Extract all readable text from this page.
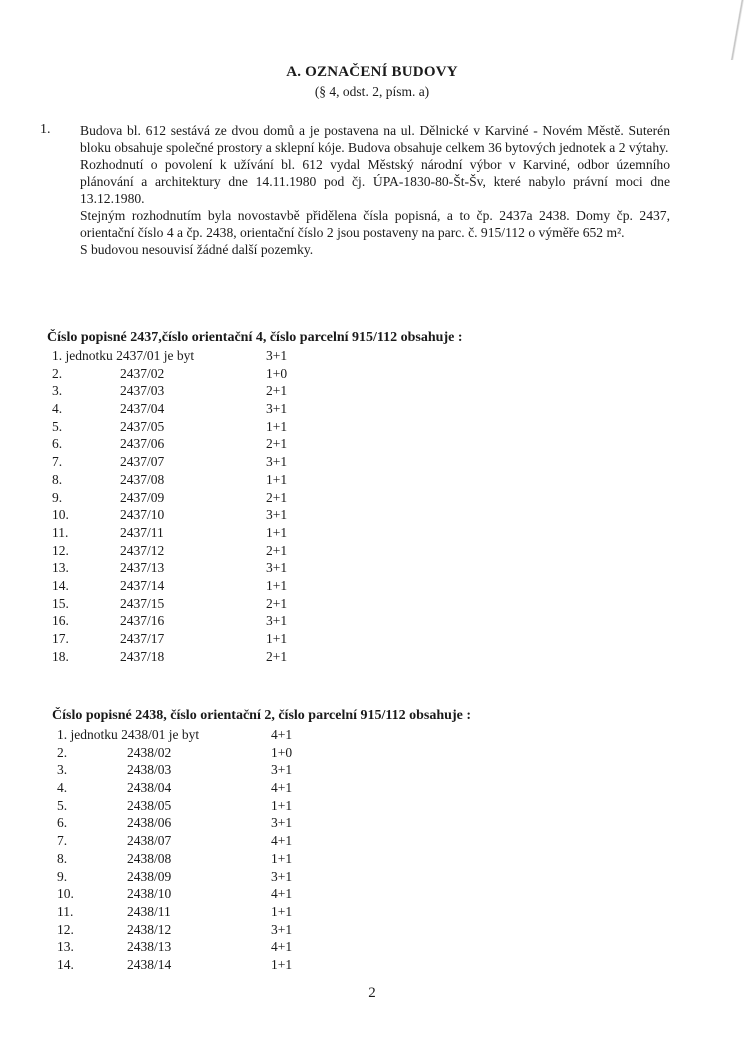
A. OZNAČENÍ BUDOVY
(§ 4, odst. 2, písm. a)
1. Budova bl. 612 sestává ze dvou domů a je postavena na ul. Dělnické v Karviné - Novém Městě. Suterén bloku obsahuje společné prostory a sklepní kóje. Budova obsahuje celkem 36 bytových jednotek a 2 výtahy.

Rozhodnutí o povolení k užívání bl. 612 vydal Městský národní výbor v Karviné, odbor územního plánování a architektury dne 14.11.1980 pod čj. ÚPA-1830-80-Št-Šv, které nabylo právní moci dne 13.12.1980.

Stejným rozhodnutím byla novostavbě přidělena čísla popisná, a to čp. 2437a 2438. Domy čp. 2437, orientační číslo 4 a čp. 2438, orientační číslo 2 jsou postaveny na parc. č. 915/112 o výměře 652 m².

S budovou nesouvisí žádné další pozemky.

Číslo popisné 2437,číslo orientační 4, číslo parcelní 915/112 obsahuje :
1. jednotku 2437/01 je byt	3+1
2.	2437/02	1+0
3.	2437/03	2+1
4.	2437/04	3+1
5.	2437/05	1+1
6.	2437/06	2+1
7.	2437/07	3+1
8.	2437/08	1+1
9.	2437/09	2+1
10.	2437/10	3+1
11.	2437/11	1+1
12.	2437/12	2+1
13.	2437/13	3+1
14.	2437/14	1+1
15.	2437/15	2+1
16.	2437/16	3+1
17.	2437/17	1+1
18.	2437/18	2+1
Číslo popisné 2438, číslo orientační 2, číslo parcelní 915/112 obsahuje :
1. jednotku 2438/01 je byt	4+1
2.	2438/02	1+0
3.	2438/03	3+1
4.	2438/04	4+1
5.	2438/05	1+1
6.	2438/06	3+1
7.	2438/07	4+1
8.	2438/08	1+1
9.	2438/09	3+1
10.	2438/10	4+1
11.	2438/11	1+1
12.	2438/12	3+1
13.	2438/13	4+1
14.	2438/14	1+1
2
